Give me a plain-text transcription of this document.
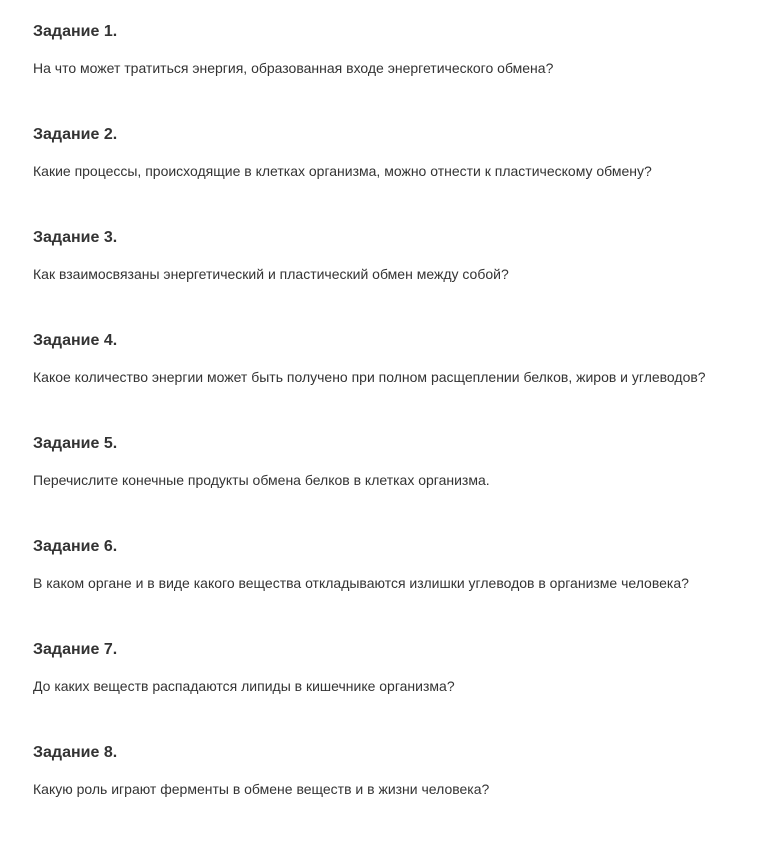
Задание 1.
На что может тратиться энергия, образованная входе энергетического обмена?
Задание 2.
Какие процессы, происходящие в клетках организма, можно отнести к пластическому обмену?
Задание 3.
Как взаимосвязаны энергетический и пластический обмен между собой?
Задание 4.
Какое количество энергии может быть получено при полном расщеплении белков, жиров и углеводов?
Задание 5.
Перечислите конечные продукты обмена белков в клетках организма.
Задание 6.
В каком органе и в виде какого вещества откладываются излишки углеводов в организме человека?
Задание 7.
До каких веществ распадаются липиды в кишечнике организма?
Задание 8.
Какую роль играют ферменты в обмене веществ и в жизни человека?
